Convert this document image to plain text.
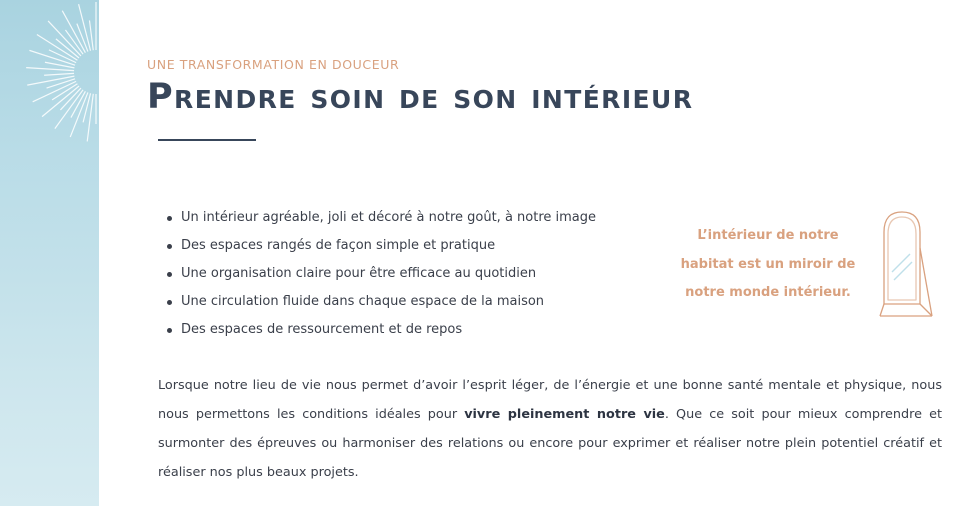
UNE TRANSFORMATION EN DOUCEUR
Prendre soin de son intérieur
Un intérieur agréable, joli et décoré à notre goût, à notre image
Des espaces rangés de façon simple et pratique
Une organisation claire pour être efficace au quotidien
Une circulation fluide dans chaque espace de la maison
Des espaces de ressourcement et de repos
L’intérieur de notre habitat est un miroir de notre monde intérieur.

Lorsque notre lieu de vie nous permet d’avoir l’esprit léger, de l’énergie et une bonne santé mentale et physique, nous nous permettons les conditions idéales pour vivre pleinement notre vie. Que ce soit pour mieux comprendre et surmonter des épreuves ou harmoniser des relations ou encore pour exprimer et réaliser notre plein potentiel créatif et réaliser nos plus beaux projets.
